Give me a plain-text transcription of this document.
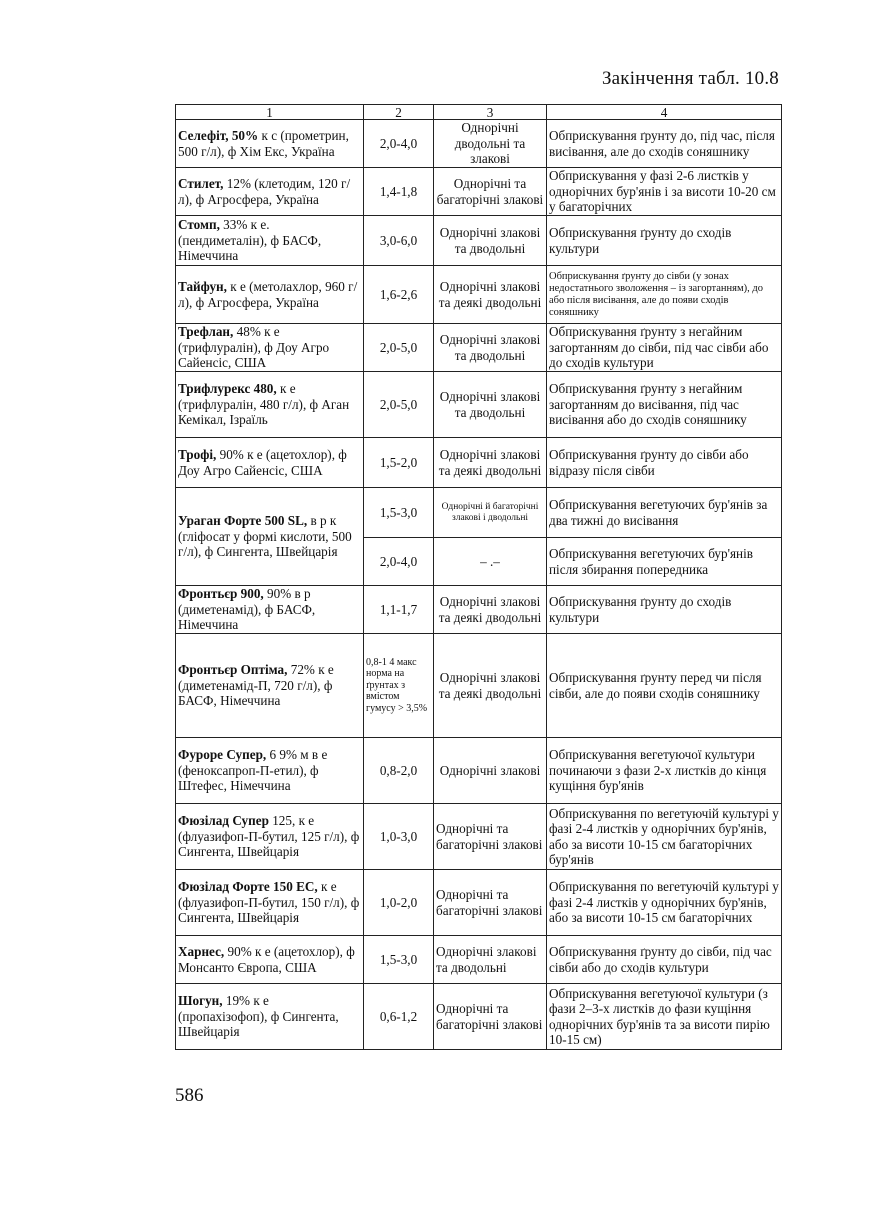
Закінчення табл. 10.8
1	2	3	4
Селефіт, 50% к с (прометрин, 500 г/л), ф Хім Екс, Україна	2,0-4,0	Однорічні дводольні та злакові	Обприскування ґрунту до, під час, після висівання, але до сходів соняшнику
Стилет, 12% (клетодим, 120 г/л), ф Агросфера, Україна	1,4-1,8	Однорічні та багаторічні злакові	Обприскування у фазі 2-6 листків у однорічних бур'янів і за висоти 10-20 см у багаторічних
Стомп, 33% к е. (пендиметалін), ф БАСФ, Німеччина	3,0-6,0	Однорічні злакові та дводольні	Обприскування ґрунту до сходів культури
Тайфун, к е (метолахлор, 960 г/л), ф Агросфера, Україна	1,6-2,6	Однорічні злакові та деякі дводольні	Обприскування ґрунту до сівби (у зонах недостатнього зволоження – із загортанням), до або після висівання, але до появи сходів соняшнику
Трефлан, 48% к е (трифлуралін), ф Доу Агро Сайенсіс, США	2,0-5,0	Однорічні злакові та дводольні	Обприскування ґрунту з негайним загортанням до сівби, під час сівби або до сходів культури
Трифлурекс 480, к е (трифлуралін, 480 г/л), ф Аган Кемікал, Ізраїль	2,0-5,0	Однорічні злакові та дводольні	Обприскування ґрунту з негайним загортанням до висівання, під час висівання або до сходів соняшнику
Трофі, 90% к е (ацетохлор), ф Доу Агро Сайенсіс, США	1,5-2,0	Однорічні злакові та деякі дводольні	Обприскування ґрунту до сівби або відразу після сівби
Ураган Форте 500 SL, в р к (гліфосат у формі кислоти, 500 г/л), ф Сингента, Швейцарія	1,5-3,0	Однорічні й багаторічні злакові і дводольні	Обприскування вегетуючих бур'янів за два тижні до висівання
	2,0-4,0	– .–	Обприскування вегетуючих бур'янів після збирання попередника
Фронтьєр 900, 90% в р (диметенамід), ф БАСФ, Німеччина	1,1-1,7	Однорічні злакові та деякі дводольні	Обприскування ґрунту до сходів культури
Фронтьєр Оптіма, 72% к е (диметенамід-П, 720 г/л), ф БАСФ, Німеччина	0,8-1 4 макс норма на ґрунтах з вмістом гумусу > 3,5%	Однорічні злакові та деякі дводольні	Обприскування ґрунту перед чи після сівби, але до появи сходів соняшнику
Фуроре Супер, 6 9% м в е (феноксапроп-П-етил), ф Штефес, Німеччина	0,8-2,0	Однорічні злакові	Обприскування вегетуючої культури починаючи з фази 2-х листків до кінця кущіння бур'янів
Фюзілад Супер 125, к е (флуазифоп-П-бутил, 125 г/л), ф Сингента, Швейцарія	1,0-3,0	Однорічні та багаторічні злакові	Обприскування по вегетуючій культурі у фазі 2-4 листків у однорічних бур'янів, або за висоти 10-15 см багаторічних бур'янів
Фюзілад Форте 150 ЕС, к е (флуазифоп-П-бутил, 150 г/л), ф Сингента, Швейцарія	1,0-2,0	Однорічні та багаторічні злакові	Обприскування по вегетуючій культурі у фазі 2-4 листків у однорічних бур'янів, або за висоти 10-15 см багаторічних
Харнес, 90% к е (ацетохлор), ф Монсанто Європа, США	1,5-3,0	Однорічні злакові та дводольні	Обприскування ґрунту до сівби, під час сівби або до сходів культури
Шогун, 19% к е (пропахізофоп), ф Сингента, Швейцарія	0,6-1,2	Однорічні та багаторічні злакові	Обприскування вегетуючої культури (з фази 2–3-х листків до фази кущіння однорічних бур'янів та за висоти пирію 10-15 см)
586
